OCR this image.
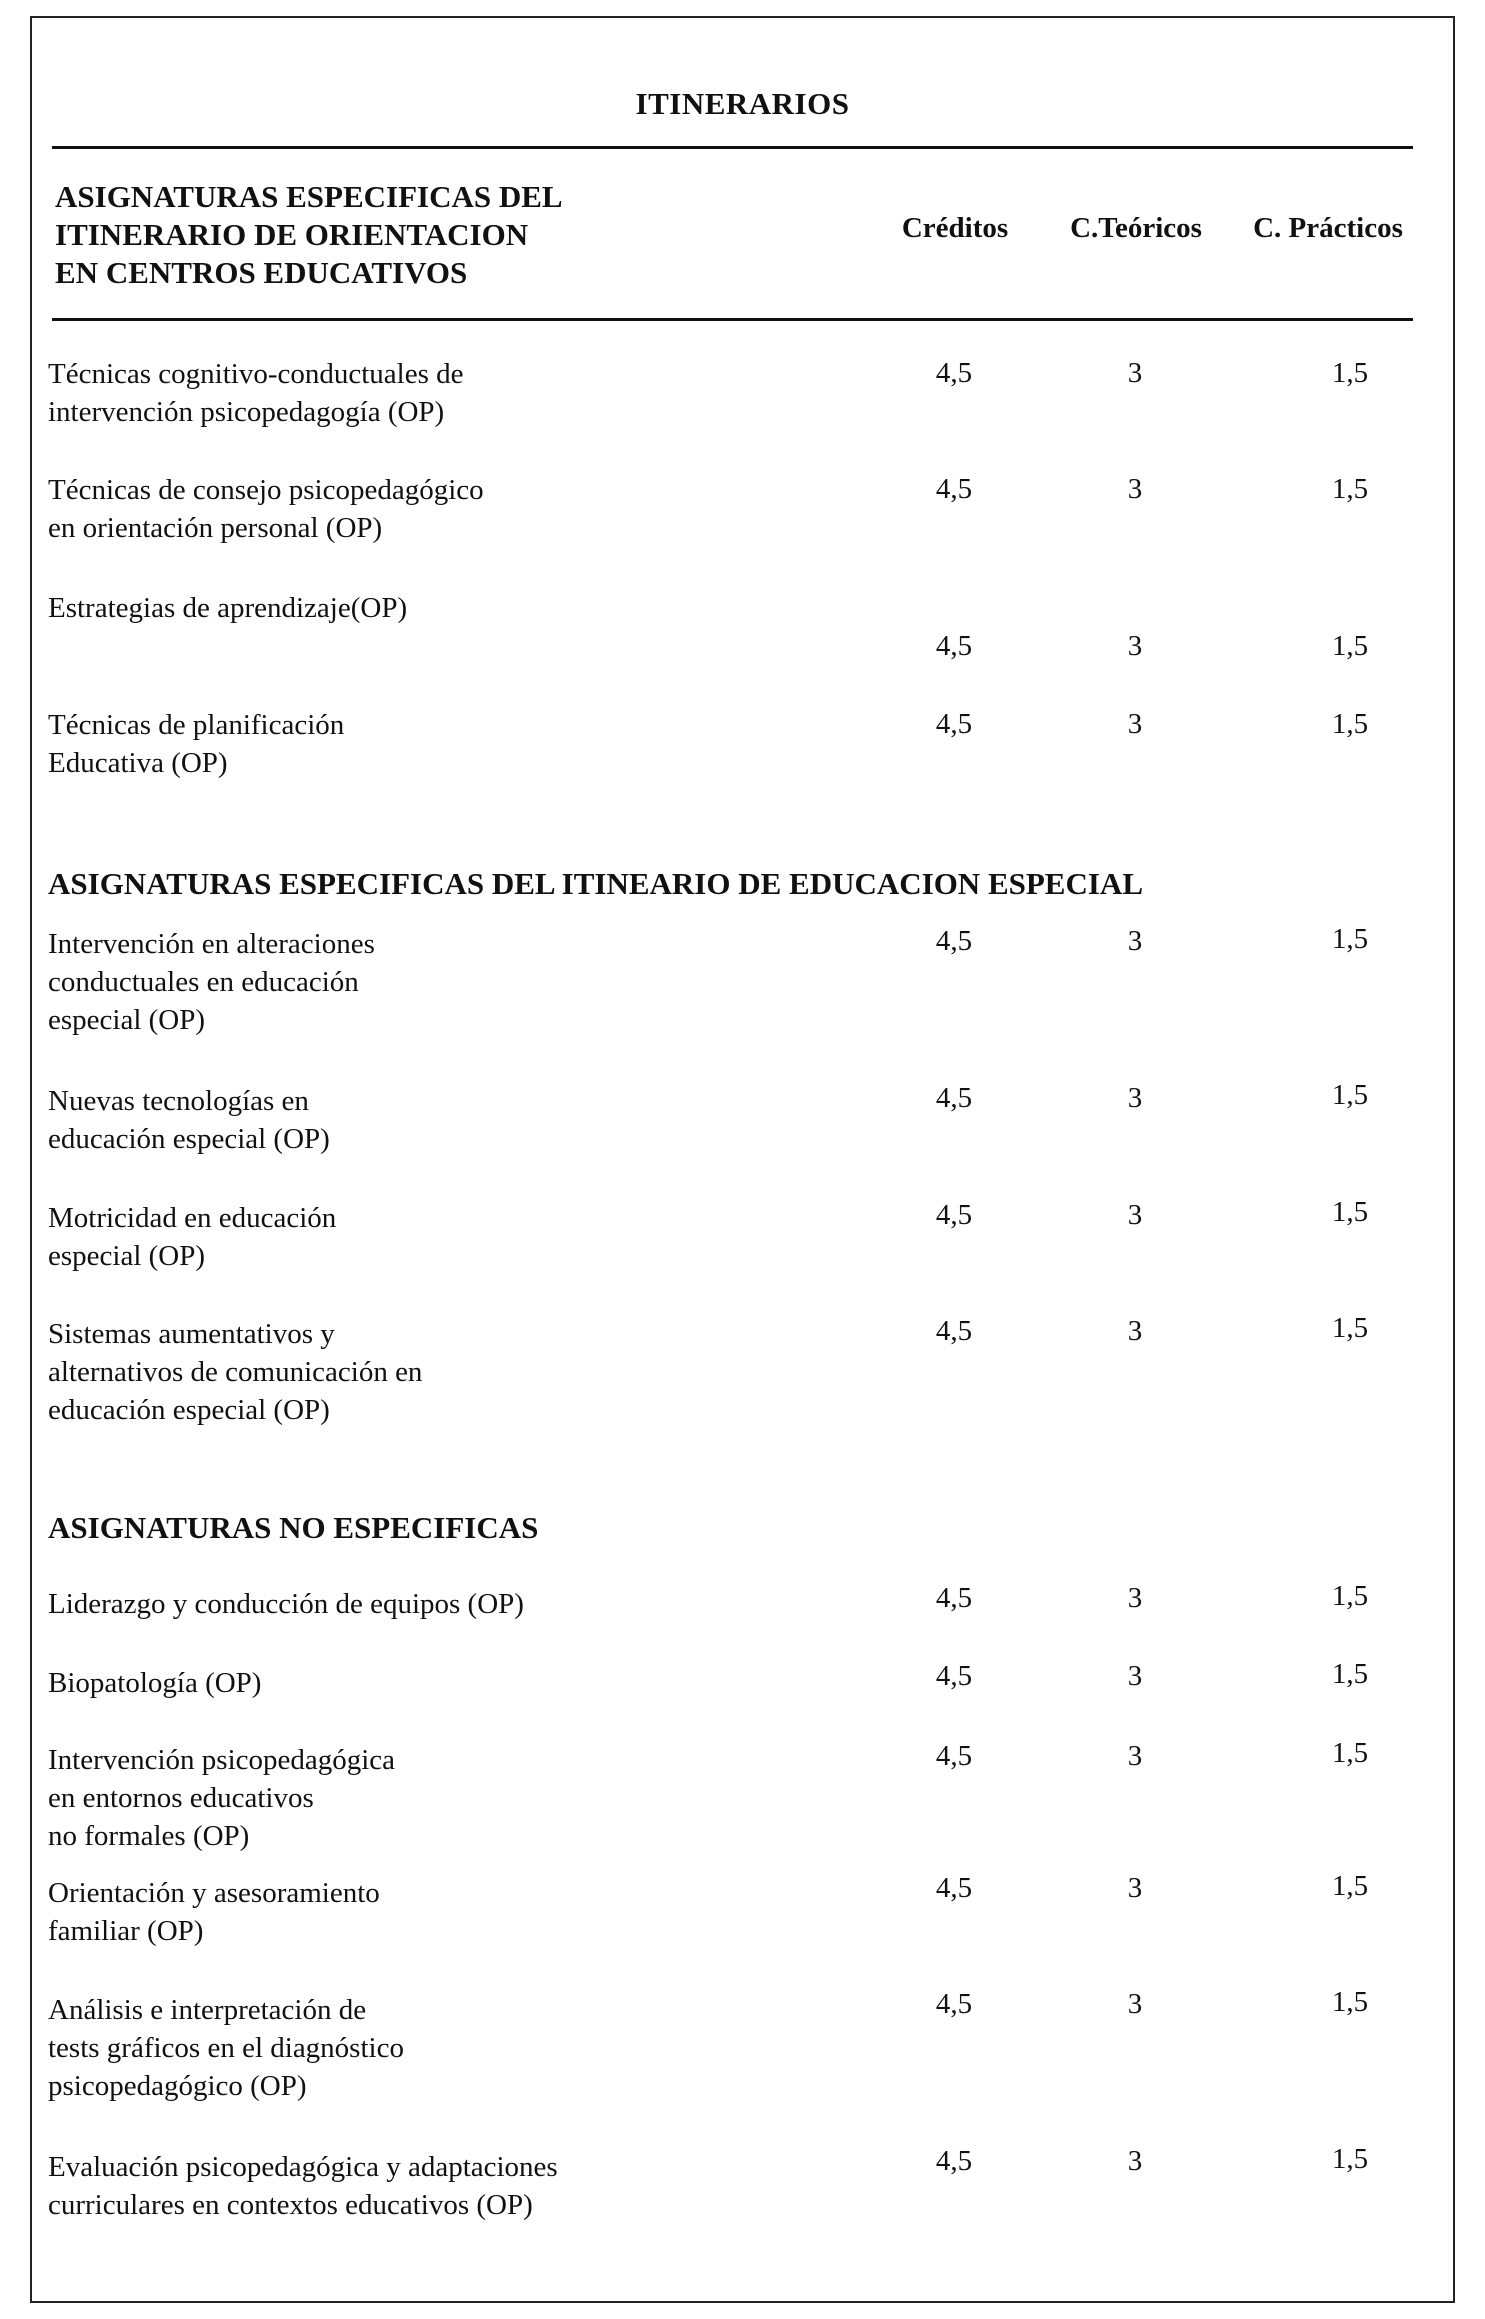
ITINERARIOS
ASIGNATURAS ESPECIFICAS DEL
ITINERARIO DE ORIENTACION
EN CENTROS EDUCATIVOS
Créditos	C.Teóricos	C. Prácticos
Técnicas cognitivo-conductuales de
intervención psicopedagogía (OP)
4,5	3	1,5
Técnicas de consejo psicopedagógico
en orientación personal (OP)
4,5	3	1,5
Estrategias de aprendizaje(OP)
4,5	3	1,5
Técnicas de planificación
Educativa (OP)
4,5	3	1,5
ASIGNATURAS ESPECIFICAS DEL ITINEARIO DE EDUCACION ESPECIAL
Intervención en alteraciones
conductuales en educación
especial (OP)
4,5	3	1,5
Nuevas tecnologías en
educación especial (OP)
4,5	3	1,5
Motricidad en educación
especial (OP)
4,5	3	1,5
Sistemas aumentativos y
alternativos de comunicación en
educación especial (OP)
4,5	3	1,5
ASIGNATURAS NO ESPECIFICAS
Liderazgo y conducción de equipos (OP)	4,5	3	1,5
Biopatología (OP)	4,5	3	1,5
Intervención psicopedagógica
en entornos educativos
no formales (OP)
4,5	3	1,5
Orientación y asesoramiento
familiar (OP)
4,5	3	1,5
Análisis e interpretación de
tests gráficos en el diagnóstico
psicopedagógico (OP)
4,5	3	1,5
Evaluación psicopedagógica y adaptaciones
curriculares en contextos educativos (OP)
4,5	3	1,5
